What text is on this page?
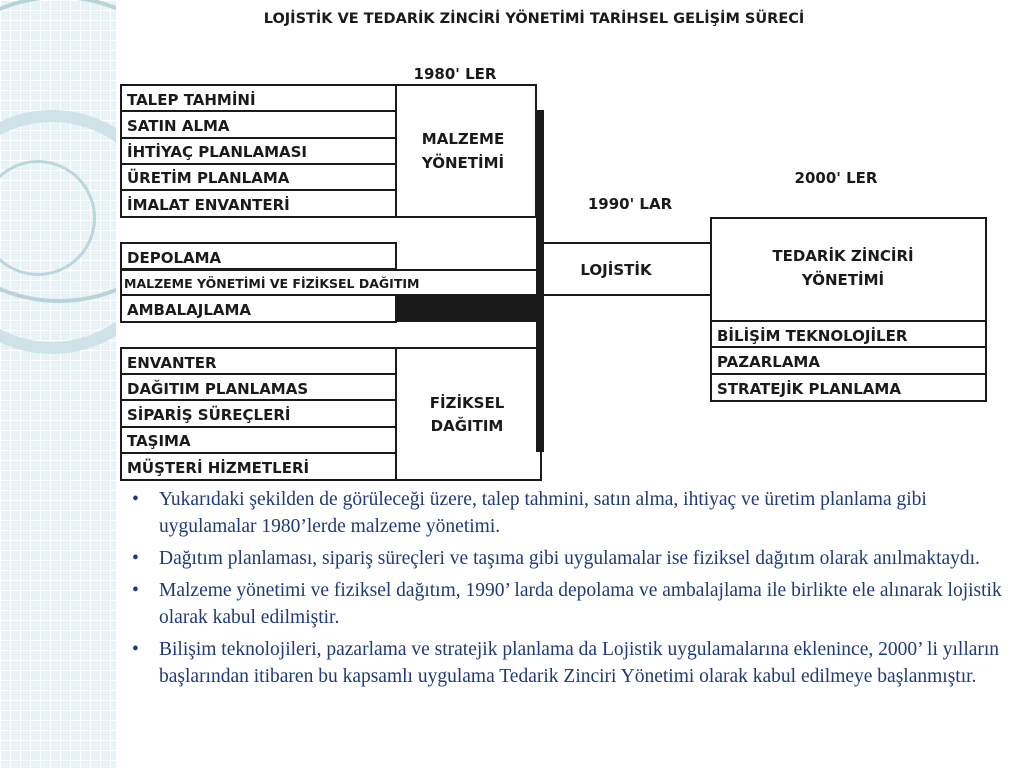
LOJİSTİK VE TEDARİK ZİNCİRİ YÖNETİMİ TARİHSEL GELİŞİM SÜRECİ
1980' LER
1990' LAR
2000' LER
TALEP TAHMİNİ
SATIN ALMA
İHTİYAÇ PLANLAMASI
ÜRETİM PLANLAMA
İMALAT ENVANTERİ
MALZEME
YÖNETİMİ
DEPOLAMA
MALZEME YÖNETİMİ VE FİZİKSEL DAĞITIM
AMBALAJLAMA
ENVANTER
DAĞITIM PLANLAMAS
SİPARİŞ SÜREÇLERİ
TAŞIMA
MÜŞTERİ HİZMETLERİ
FİZİKSEL
DAĞITIM
LOJİSTİK
TEDARİK ZİNCİRİ
YÖNETİMİ
BİLİŞİM TEKNOLOJİLER
PAZARLAMA
STRATEJİK PLANLAMA
• Yukarıdaki şekilden de görüleceği üzere, talep tahmini, satın alma, ihtiyaç ve üretim planlama gibi uygulamalar 1980’lerde malzeme yönetimi.
• Dağıtım planlaması, sipariş süreçleri ve taşıma gibi uygulamalar ise fiziksel dağıtım olarak anılmaktaydı.
• Malzeme yönetimi ve fiziksel dağıtım, 1990’ larda depolama ve ambalajlama ile birlikte ele alınarak lojistik olarak kabul edilmiştir.
• Bilişim teknolojileri, pazarlama ve stratejik planlama da Lojistik uygulamalarına eklenince, 2000’ li yılların başlarından itibaren bu kapsamlı uygulama Tedarik Zinciri Yönetimi olarak kabul edilmeye başlanmıştır.
